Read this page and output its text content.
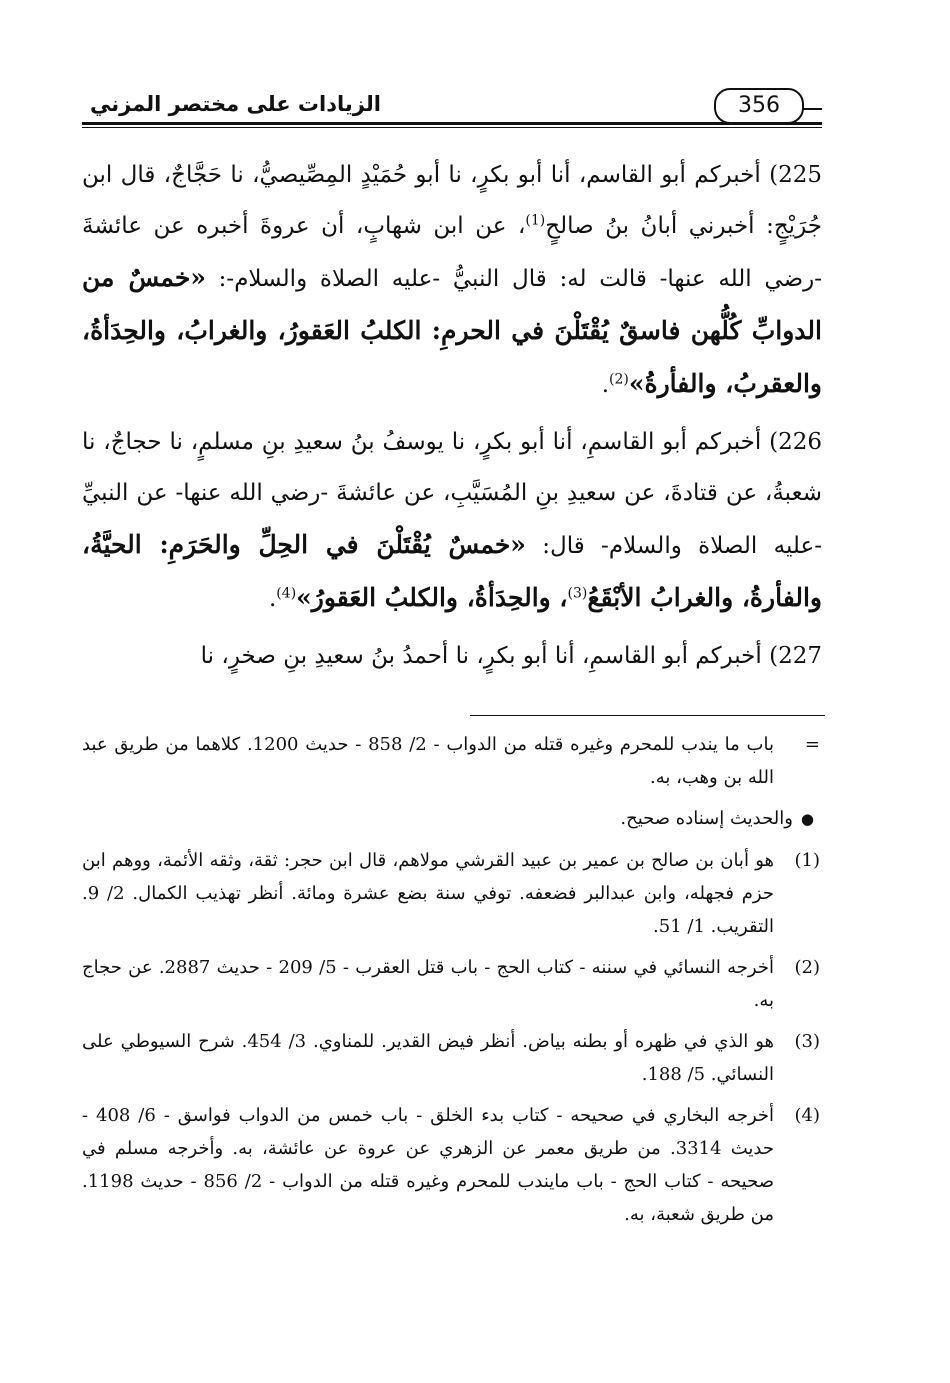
الزيادات على مختصر المزني	356

225) أخبركم أبو القاسم، أنا أبو بكرٍ، نا أبو حُمَيْدٍ المِصِّيصيُّ، نا حَجَّاجٌ، قال ابن جُرَيْجٍ: أخبرني أبانُ بنُ صالحٍ$^{(1)}$، عن ابن شهابٍ، أن عروةَ أخبره عن عائشةَ -رضي الله عنها- قالت له: قال النبيُّ -عليه الصلاة والسلام-: «خمسٌ من الدوابِّ كُلُّهن فاسقٌ يُقْتَلْنَ في الحرمِ: الكلبُ العَقورُ، والغرابُ، والحِدَأةُ، والعقربُ، والفأرةُ»$^{(2)}$.

226) أخبركم أبو القاسمِ، أنا أبو بكرٍ، نا يوسفُ بنُ سعيدِ بنِ مسلمٍ، نا حجاجٌ، نا شعبةُ، عن قتادةَ، عن سعيدِ بنِ المُسَيَّبِ، عن عائشةَ -رضي الله عنها- عن النبيِّ -عليه الصلاة والسلام- قال: «خمسٌ يُقْتَلْنَ في الحِلِّ والحَرَمِ: الحيَّةُ، والفأرةُ، والغرابُ الأبْقَعُ$^{(3)}$، والحِدَأةُ، والكلبُ العَقورُ»$^{(4)}$.

227) أخبركم أبو القاسمِ، أنا أبو بكرٍ، نا أحمدُ بنُ سعيدِ بنِ صخرٍ، نا

=
باب ما يندب للمحرم وغيره قتله من الدواب - 2/ 858 - حديث 1200. كلاهما من طريق عبد الله بن وهب، به.
●والحديث إسناده صحيح.
(1)
هو أبان بن صالح بن عمير بن عبيد القرشي مولاهم، قال ابن حجر: ثقة، وثقه الأئمة، ووهم ابن حزم فجهله، وابن عبدالبر فضعفه. توفي سنة بضع عشرة ومائة. أنظر تهذيب الكمال. 2/ 9. التقريب. 1/ 51.
(2)
أخرجه النسائي في سننه - كتاب الحج - باب قتل العقرب - 5/ 209 - حديث 2887. عن حجاج به.
(3)
هو الذي في ظهره أو بطنه بياض. أنظر فيض القدير. للمناوي. 3/ 454. شرح السيوطي على النسائي. 5/ 188.
(4)
أخرجه البخاري في صحيحه - كتاب بدء الخلق - باب خمس من الدواب فواسق - 6/ 408 - حديث 3314. من طريق معمر عن الزهري عن عروة عن عائشة، به. وأخرجه مسلم في صحيحه - كتاب الحج - باب مايندب للمحرم وغيره قتله من الدواب - 2/ 856 - حديث 1198. من طريق شعبة، به.
